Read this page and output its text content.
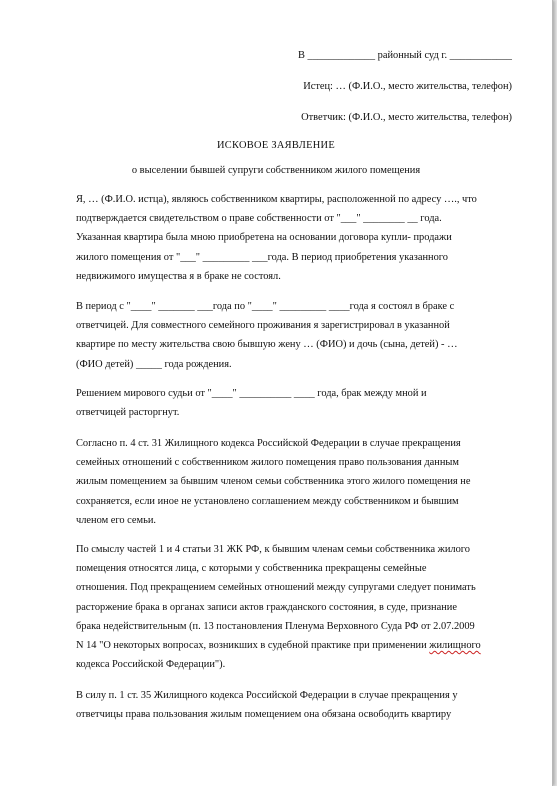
В _____________ районный суд г. ____________
Истец: … (Ф.И.О., место жительства, телефон)
Ответчик: (Ф.И.О., место жительства, телефон)
ИСКОВОЕ ЗАЯВЛЕНИЕ
о выселении бывшей супруги собственником жилого помещения
Я, … (Ф.И.О. истца), являюсь собственником квартиры, расположенной по адресу …., что
подтверждается свидетельством о праве собственности от "___" ________ __ года.
Указанная квартира была мною приобретена на основании договора купли- продажи
жилого помещения от "___" _________ ___года. В период приобретения указанного
недвижимого имущества я в браке не состоял.
В период с "____" _______ ___года по "____" _________ ____года я состоял в браке с
ответчицей. Для совместного семейного проживания я зарегистрировал в указанной
квартире по месту жительства свою бывшую жену … (ФИО) и дочь (сына, детей) - …
(ФИО детей) _____ года рождения.
Решением мирового судьи от "____" __________ ____ года, брак между мной и
ответчицей расторгнут.
Согласно п. 4 ст. 31 Жилищного кодекса Российской Федерации в случае прекращения
семейных отношений с собственником жилого помещения право пользования данным
жилым помещением за бывшим членом семьи собственника этого жилого помещения не
сохраняется, если иное не установлено соглашением между собственником и бывшим
членом его семьи.
По смыслу частей 1 и 4 статьи 31 ЖК РФ, к бывшим членам семьи собственника жилого
помещения относятся лица, с которыми у собственника прекращены семейные
отношения. Под прекращением семейных отношений между супругами следует понимать
расторжение брака в органах записи актов гражданского состояния, в суде, признание
брака недействительным (п. 13 постановления Пленума Верховного Суда РФ от 2.07.2009
N 14 "О некоторых вопросах, возникших в судебной практике при применении жилищного
кодекса Российской Федерации").
В силу п. 1 ст. 35 Жилищного кодекса Российской Федерации в случае прекращения у
ответчицы права пользования жилым помещением она обязана освободить квартиру
